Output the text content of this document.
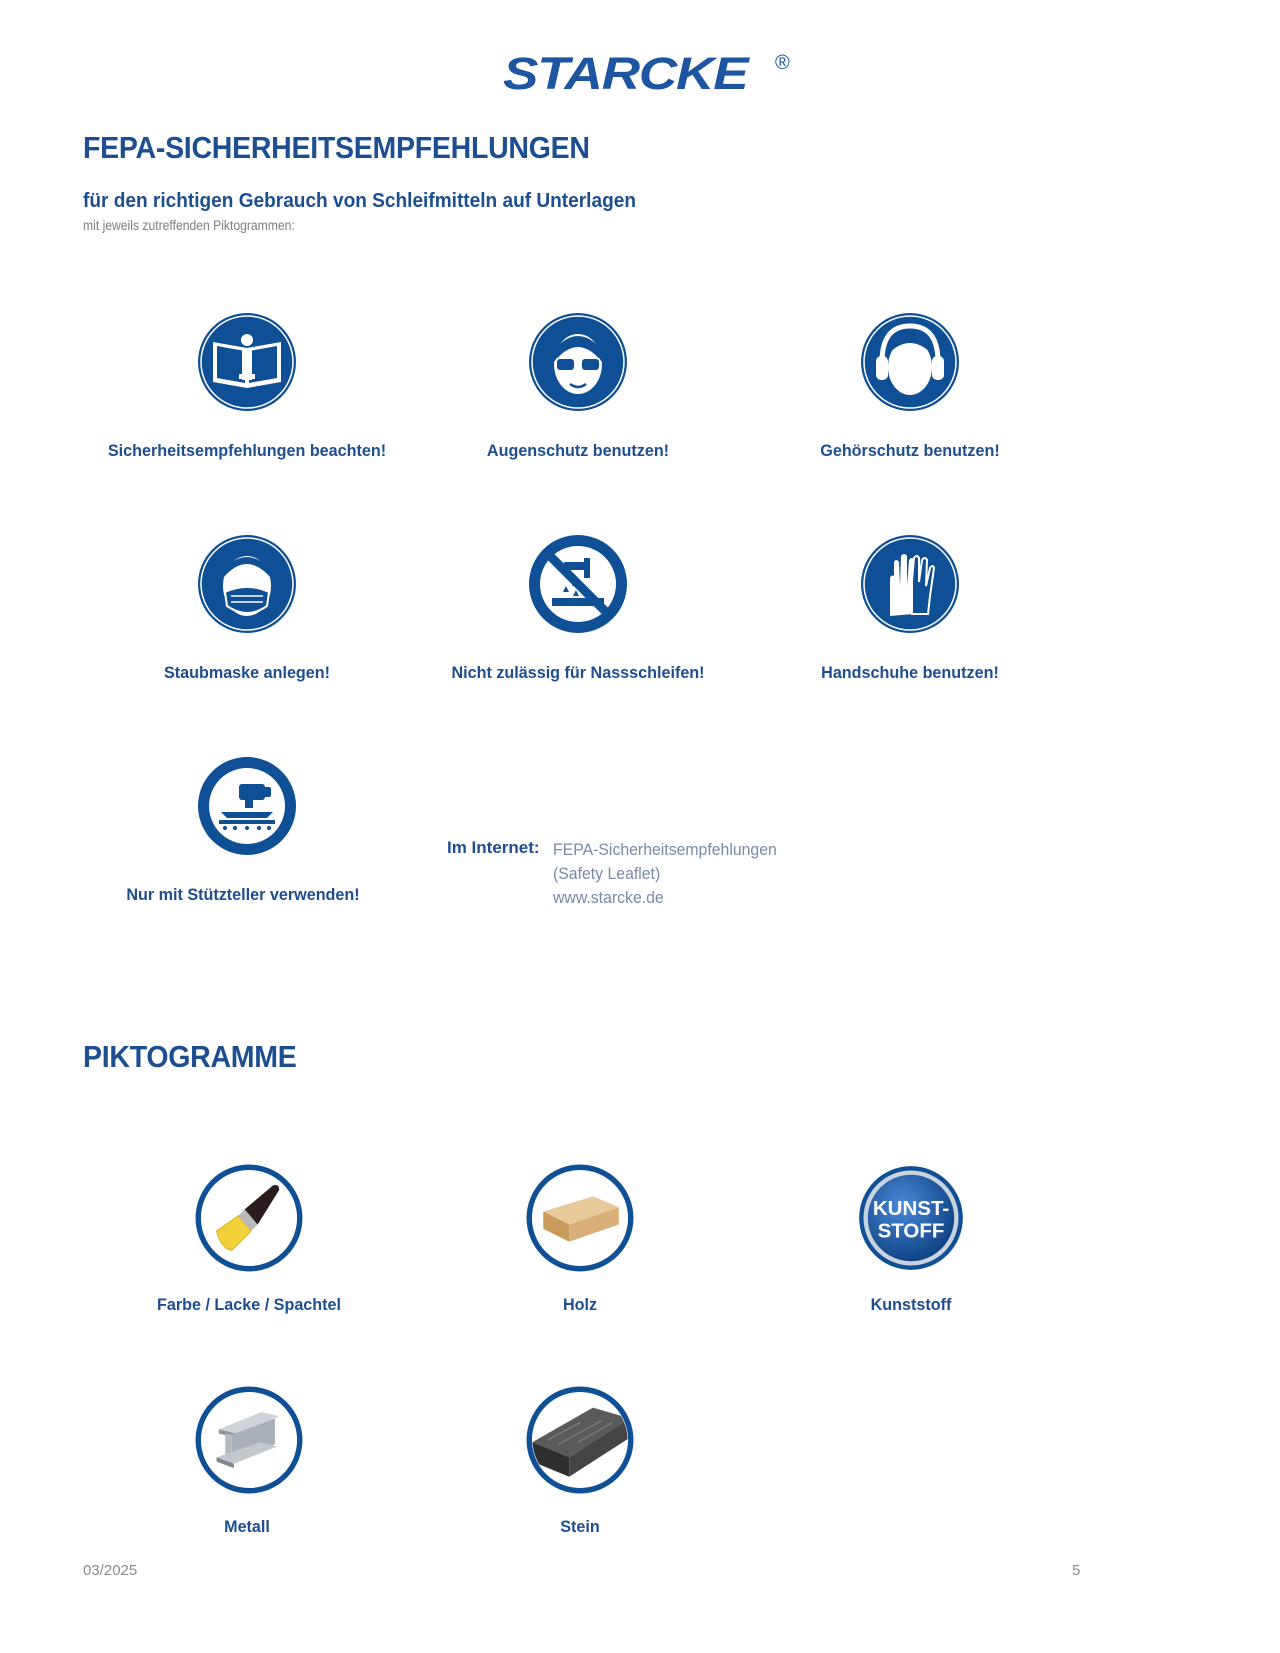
STARCKE ®
FEPA-SICHERHEITSEMPFEHLUNGEN
für den richtigen Gebrauch von Schleifmitteln auf Unterlagen
mit jeweils zutreffenden Piktogrammen:
Sicherheitsempfehlungen beachten!	Augenschutz benutzen!	Gehörschutz benutzen!
Staubmaske anlegen!	Nicht zulässig für Nassschleifen!	Handschuhe benutzen!
Nur mit Stützteller verwenden!
Im Internet: FEPA-Sicherheitsempfehlungen
(Safety Leaflet)
www.starcke.de
PIKTOGRAMME
KUNST-
STOFF
Farbe / Lacke / Spachtel	Holz	Kunststoff
Metall	Stein
03/2025	5
